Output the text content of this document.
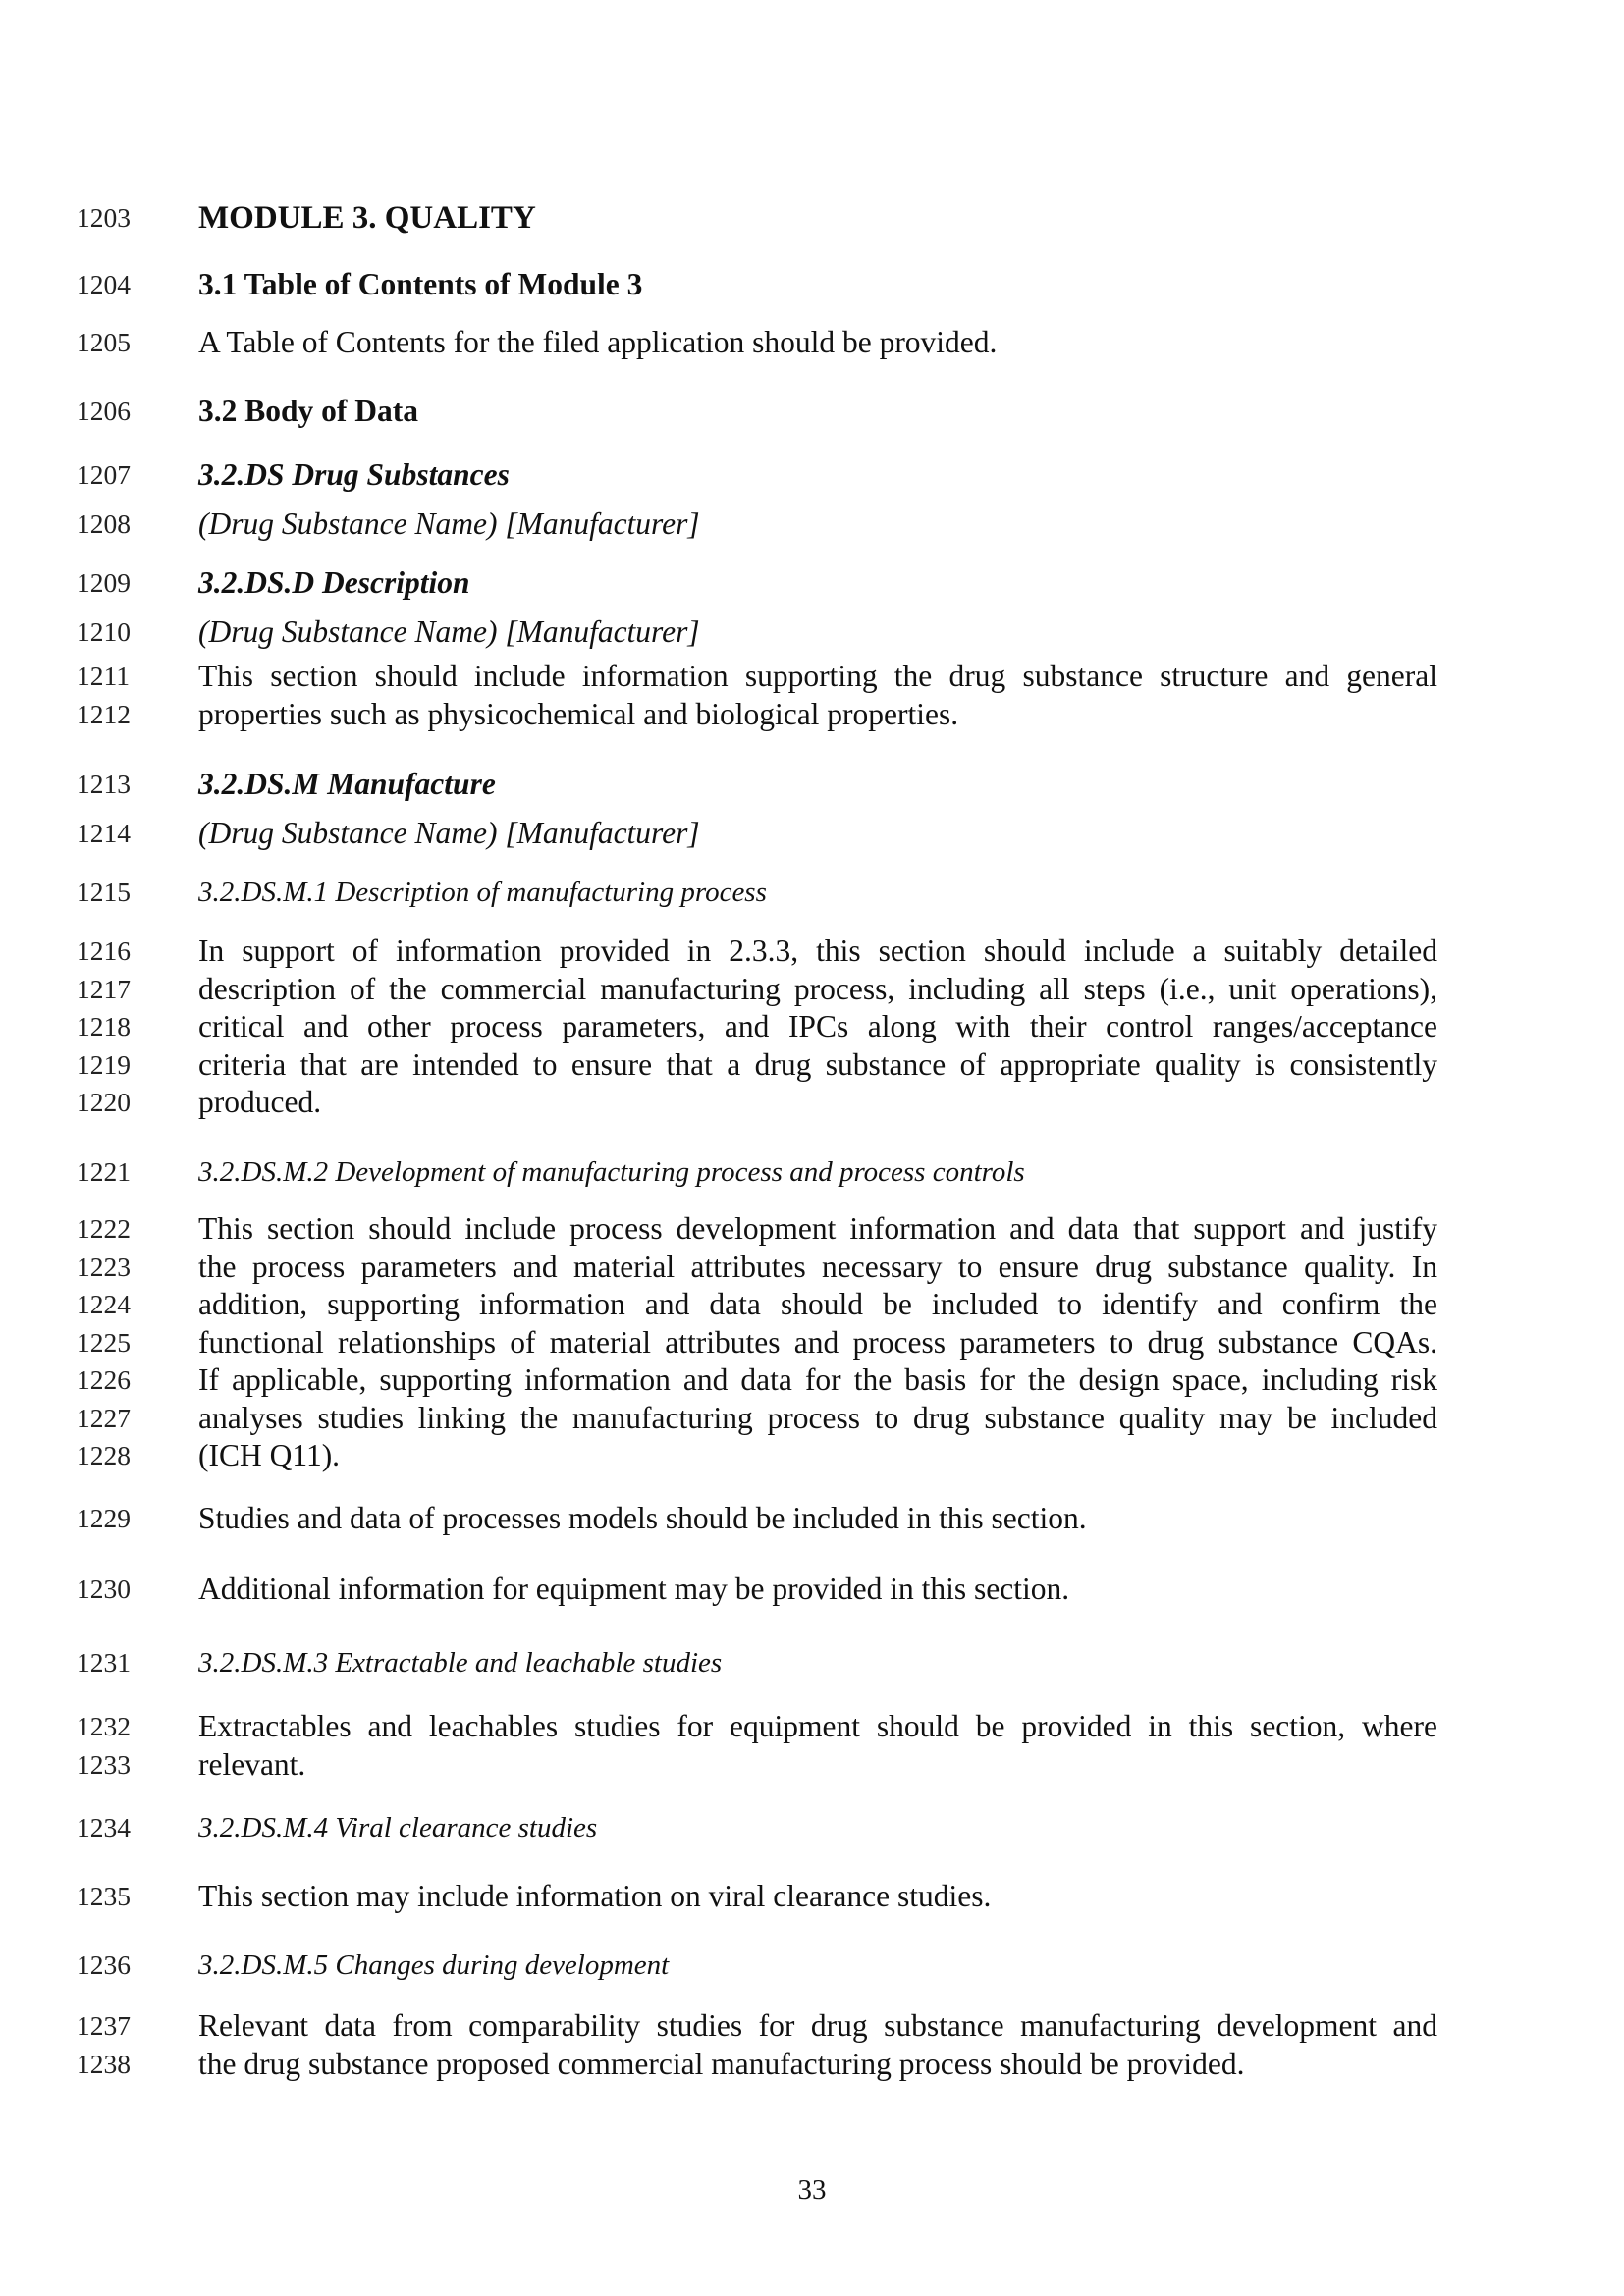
1203	MODULE 3. QUALITY
1204	3.1 Table of Contents of Module 3
1205	A Table of Contents for the filed application should be provided.
1206	3.2 Body of Data
1207	3.2.DS Drug Substances
1208	(Drug Substance Name) [Manufacturer]
1209	3.2.DS.D Description
1210	(Drug Substance Name) [Manufacturer]
1211	This section should include information supporting the drug substance structure and general
1212	properties such as physicochemical and biological properties.
1213	3.2.DS.M Manufacture
1214	(Drug Substance Name) [Manufacturer]
1215	3.2.DS.M.1 Description of manufacturing process
1216	In support of information provided in 2.3.3, this section should include a suitably detailed
1217	description of the commercial manufacturing process, including all steps (i.e., unit operations),
1218	critical and other process parameters, and IPCs along with their control ranges/acceptance
1219	criteria that are intended to ensure that a drug substance of appropriate quality is consistently
1220	produced.
1221	3.2.DS.M.2 Development of manufacturing process and process controls
1222	This section should include process development information and data that support and justify
1223	the process parameters and material attributes necessary to ensure drug substance quality. In
1224	addition, supporting information and data should be included to identify and confirm the
1225	functional relationships of material attributes and process parameters to drug substance CQAs.
1226	If applicable, supporting information and data for the basis for the design space, including risk
1227	analyses studies linking the manufacturing process to drug substance quality may be included
1228	(ICH Q11).
1229	Studies and data of processes models should be included in this section.
1230	Additional information for equipment may be provided in this section.
1231	3.2.DS.M.3 Extractable and leachable studies
1232	Extractables and leachables studies for equipment should be provided in this section, where
1233	relevant.
1234	3.2.DS.M.4 Viral clearance studies
1235	This section may include information on viral clearance studies.
1236	3.2.DS.M.5 Changes during development
1237	Relevant data from comparability studies for drug substance manufacturing development and
1238	the drug substance proposed commercial manufacturing process should be provided.
33
